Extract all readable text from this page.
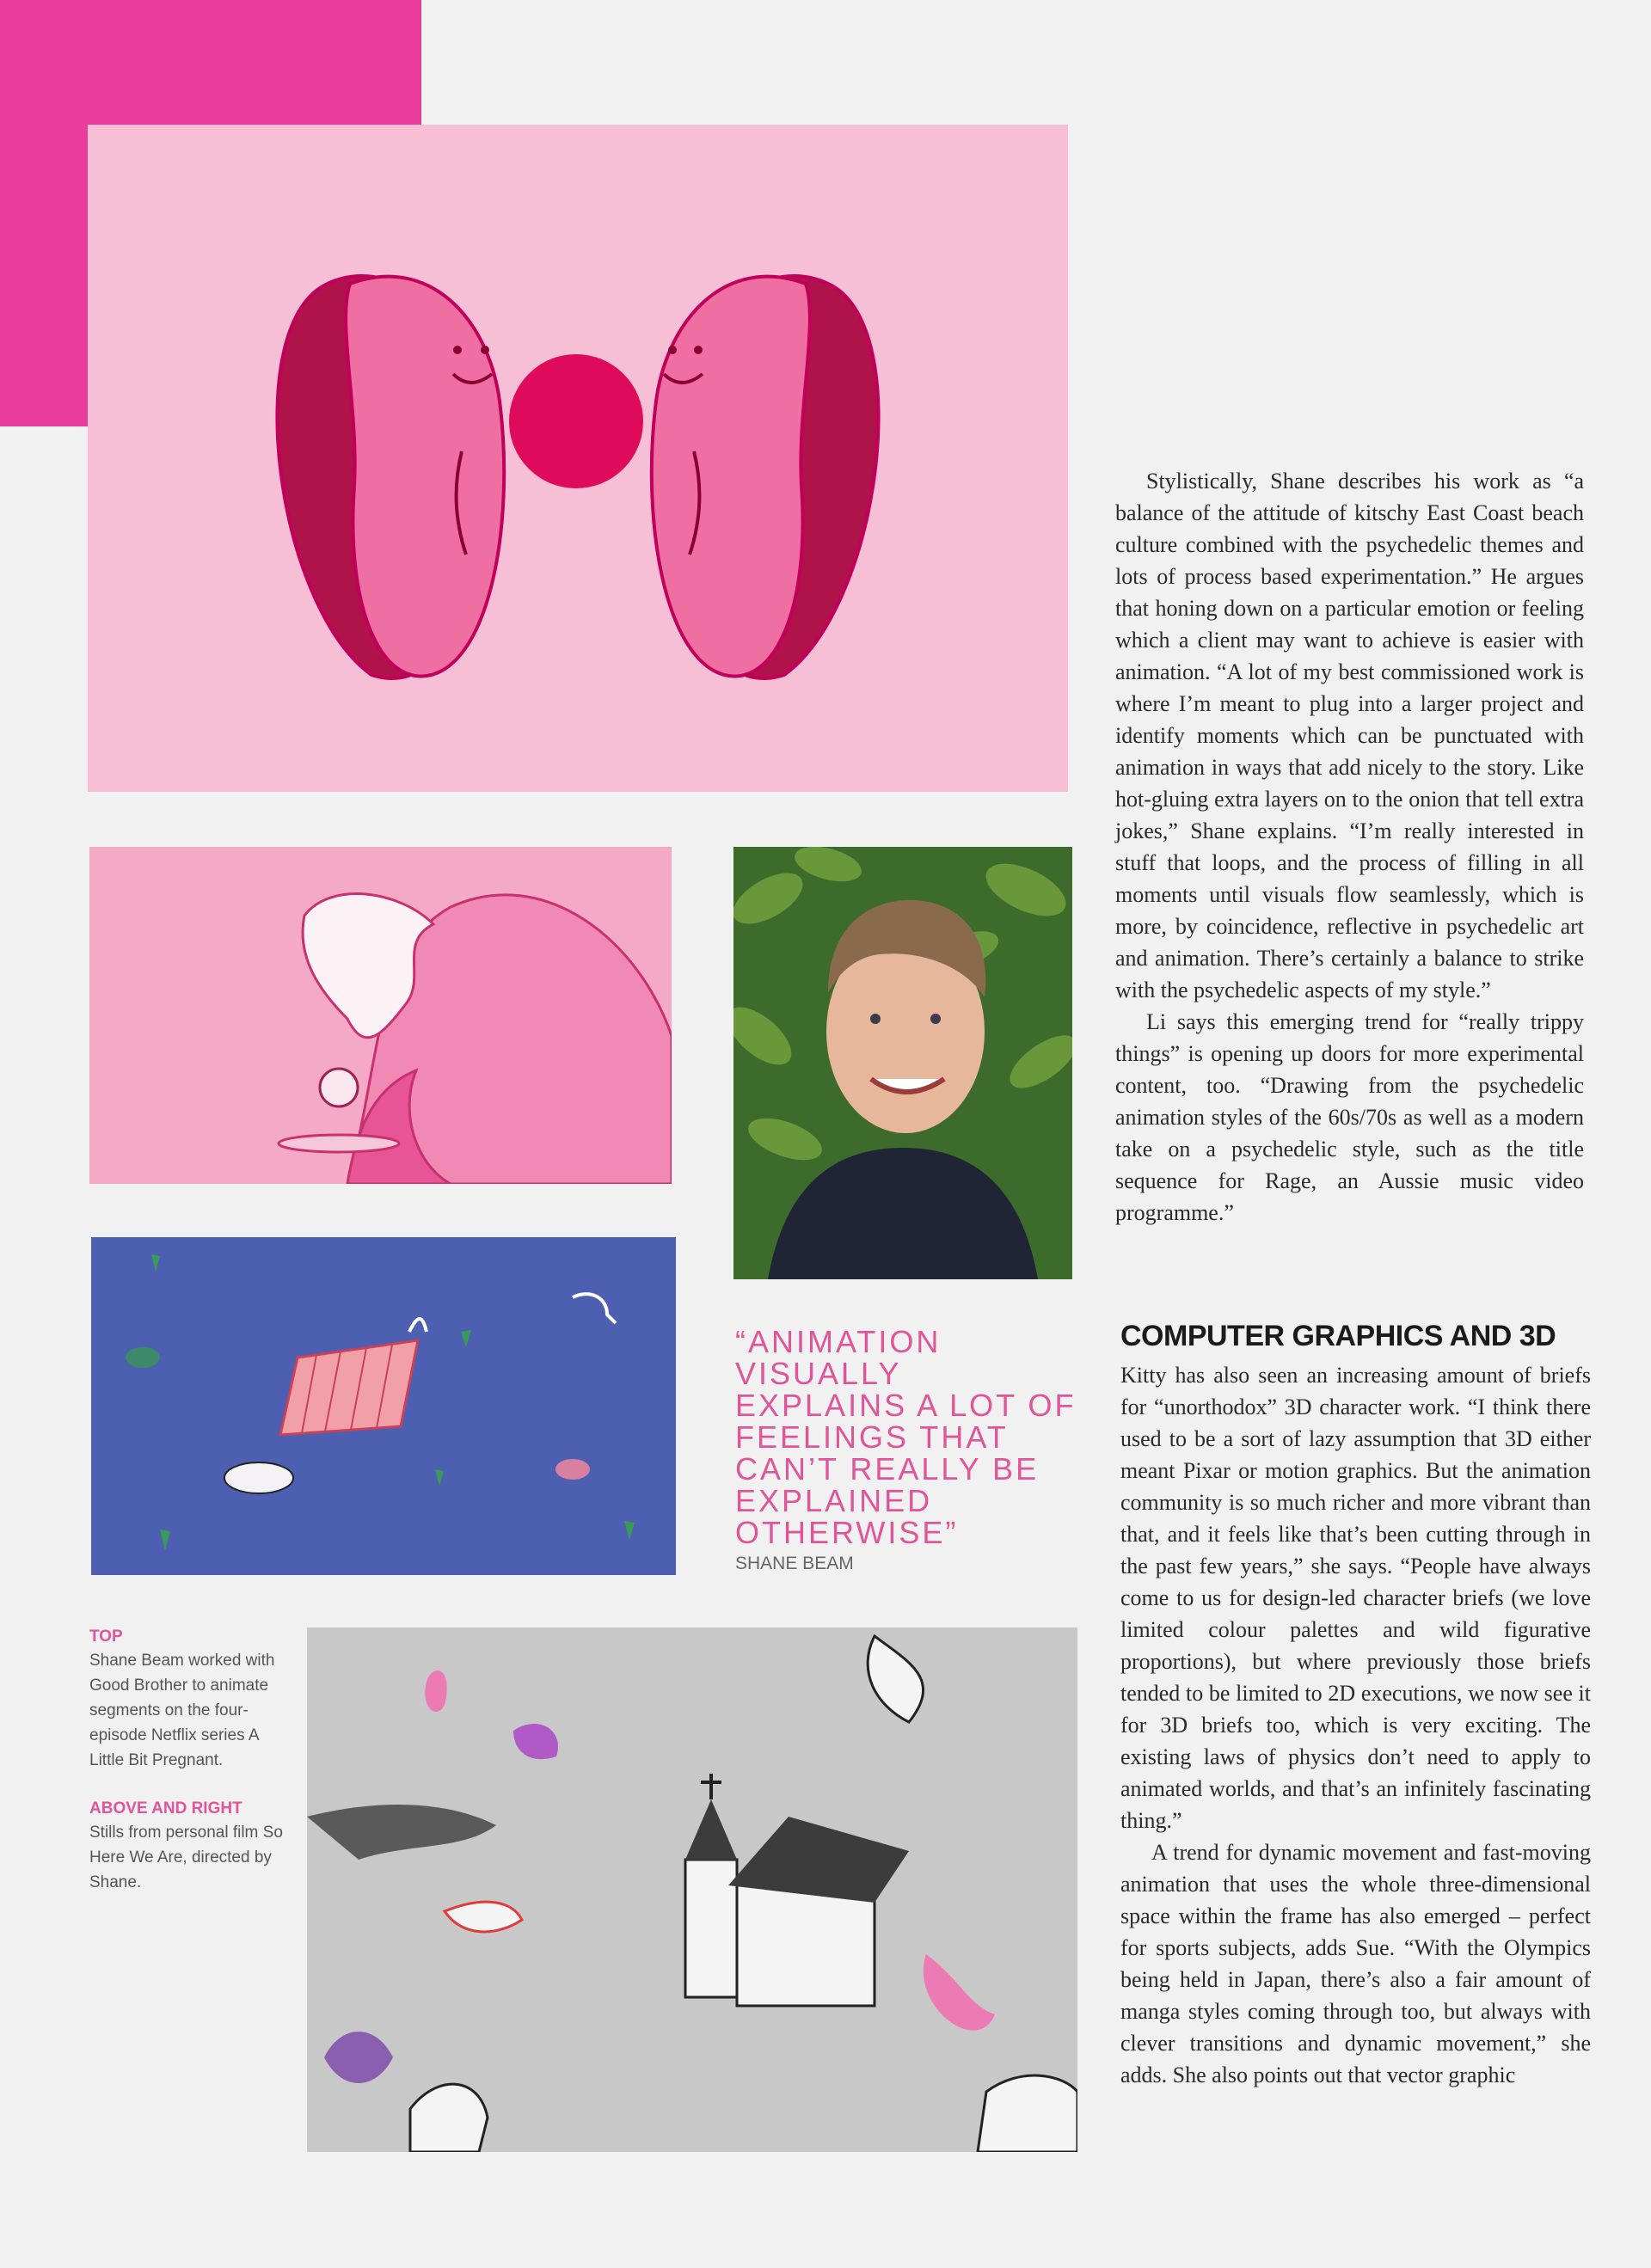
Stylistically, Shane describes his work as “a balance of the attitude of kitschy East Coast beach culture combined with the psychedelic themes and lots of process based experimentation.” He argues that honing down on a particular emotion or feeling which a client may want to achieve is easier with animation. “A lot of my best commissioned work is where I’m meant to plug into a larger project and identify moments which can be punctuated with animation in ways that add nicely to the story. Like hot-gluing extra layers on to the onion that tell extra jokes,” Shane explains. “I’m really interested in stuff that loops, and the process of filling in all moments until visuals flow seamlessly, which is more, by coincidence, reflective in psychedelic art and animation. There’s certainly a balance to strike with the psychedelic aspects of my style.”

Li says this emerging trend for “really trippy things” is opening up doors for more experimental content, too. “Drawing from the psychedelic animation styles of the 60s/70s as well as a modern take on a psychedelic style, such as the title sequence for Rage, an Aussie music video programme.”

COMPUTER GRAPHICS AND 3D

Kitty has also seen an increasing amount of briefs for “unorthodox” 3D character work. “I think there used to be a sort of lazy assumption that 3D either meant Pixar or motion graphics. But the animation community is so much richer and more vibrant than that, and it feels like that’s been cutting through in the past few years,” she says. “People have always come to us for design-led character briefs (we love limited colour palettes and wild figurative proportions), but where previously those briefs tended to be limited to 2D executions, we now see it for 3D briefs too, which is very exciting. The existing laws of physics don’t need to apply to animated worlds, and that’s an infinitely fascinating thing.”

A trend for dynamic movement and fast-moving animation that uses the whole three-dimensional space within the frame has also emerged – perfect for sports subjects, adds Sue. “With the Olympics being held in Japan, there’s also a fair amount of manga styles coming through too, but always with clever transitions and dynamic movement,” she adds. She also points out that vector graphic

“ANIMATION VISUALLY EXPLAINS A LOT OF FEELINGS THAT CAN’T REALLY BE EXPLAINED OTHERWISE”

SHANE BEAM
TOP
Shane Beam worked with Good Brother to animate segments on the four-episode Netflix series A Little Bit Pregnant.
ABOVE AND RIGHT
Stills from personal film So Here We Are, directed by Shane.
